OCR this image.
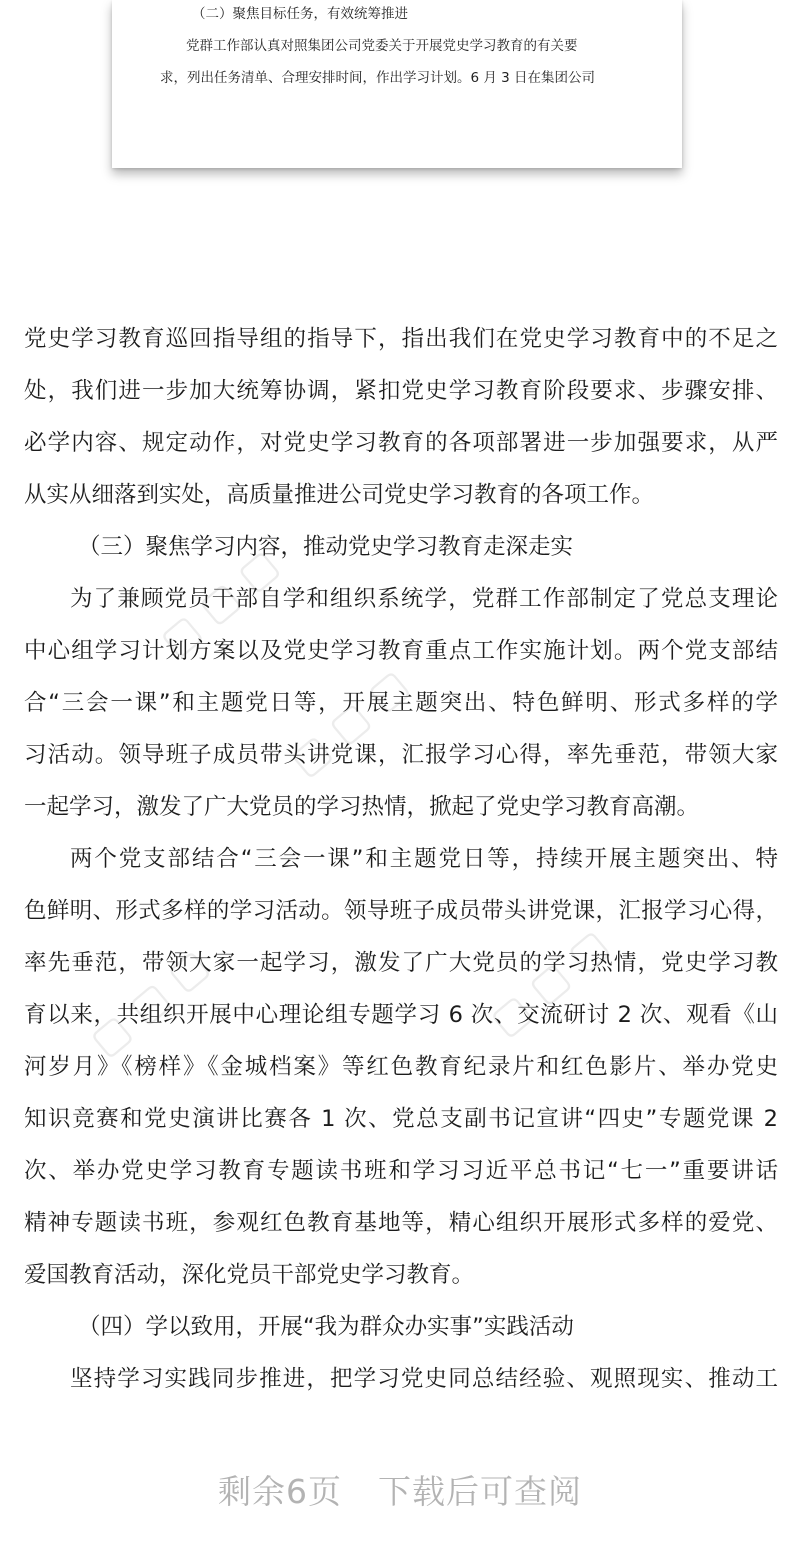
（二）聚焦目标任务，有效统筹推进
党群工作部认真对照集团公司党委关于开展党史学习教育的有关要
求，列出任务清单、合理安排时间，作出学习计划。6 月 3 日在集团公司
▢ ▢ ▢
▢ ▢ ▢
▢ ▢ ▢	▢ ▢ ▢
党史学习教育巡回指导组的指导下，指出我们在党史学习教育中的不足之
处，我们进一步加大统筹协调，紧扣党史学习教育阶段要求、步骤安排、
必学内容、规定动作，对党史学习教育的各项部署进一步加强要求，从严
从实从细落到实处，高质量推进公司党史学习教育的各项工作。
（三）聚焦学习内容，推动党史学习教育走深走实
为了兼顾党员干部自学和组织系统学，党群工作部制定了党总支理论
中心组学习计划方案以及党史学习教育重点工作实施计划。两个党支部结
合“三会一课”和主题党日等，开展主题突出、特色鲜明、形式多样的学
习活动。领导班子成员带头讲党课，汇报学习心得，率先垂范，带领大家
一起学习，激发了广大党员的学习热情，掀起了党史学习教育高潮。
两个党支部结合“三会一课”和主题党日等，持续开展主题突出、特
色鲜明、形式多样的学习活动。领导班子成员带头讲党课，汇报学习心得，
率先垂范，带领大家一起学习，激发了广大党员的学习热情，党史学习教
育以来，共组织开展中心理论组专题学习 6 次、交流研讨 2 次、观看《山
河岁月》《榜样》《金城档案》等红色教育纪录片和红色影片、举办党史
知识竞赛和党史演讲比赛各 1 次、党总支副书记宣讲“四史”专题党课 2
次、举办党史学习教育专题读书班和学习习近平总书记“七一”重要讲话
精神专题读书班，参观红色教育基地等，精心组织开展形式多样的爱党、
爱国教育活动，深化党员干部党史学习教育。
（四）学以致用，开展“我为群众办实事”实践活动
坚持学习实践同步推进，把学习党史同总结经验、观照现实、推动工
剩余6页 下载后可查阅
